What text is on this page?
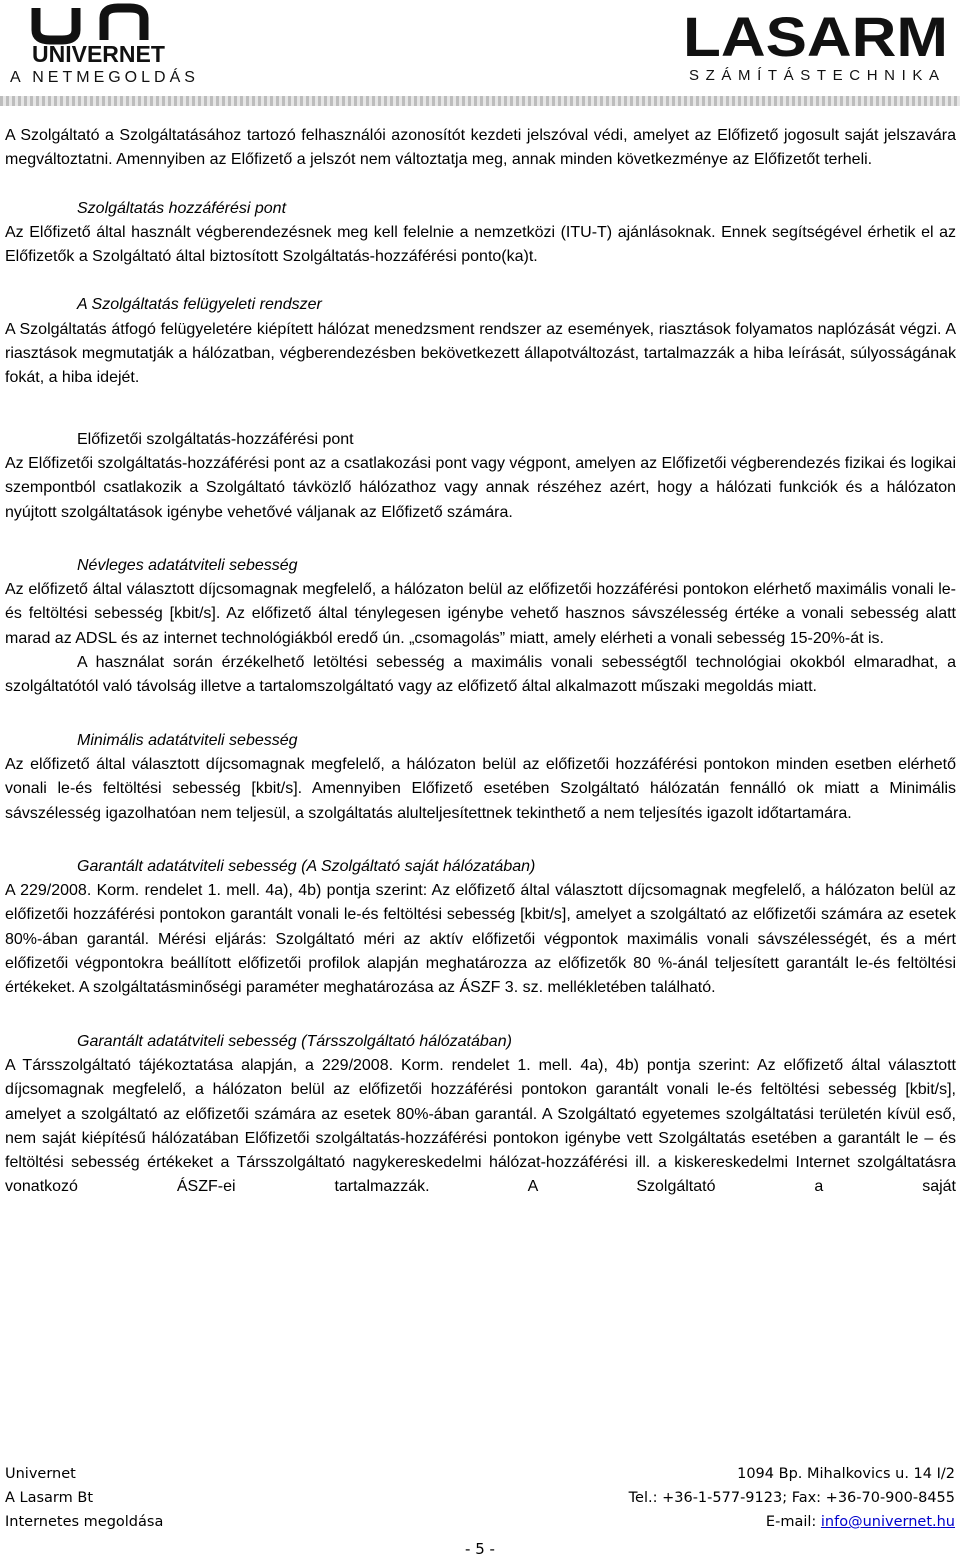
UNIVERNET
A NETMEGOLDÁS
LASARM
SZÁMÍTÁSTECHNIKA

A Szolgáltató a Szolgáltatásához tartozó felhasználói azonosítót kezdeti jelszóval védi, amelyet az Előfizető jogosult saját jelszavára megváltoztatni. Amennyiben az Előfizető a jelszót nem változtatja meg, annak minden következménye az Előfizetőt terheli.

Szolgáltatás hozzáférési pont

Az Előfizető által használt végberendezésnek meg kell felelnie a nemzetközi (ITU-T) ajánlásoknak. Ennek segítségével érhetik el az Előfizetők a Szolgáltató által biztosított Szolgáltatás-hozzáférési ponto(ka)t.

A Szolgáltatás felügyeleti rendszer

A Szolgáltatás átfogó felügyeletére kiépített hálózat menedzsment rendszer az események, riasztások folyamatos naplózását végzi. A riasztások megmutatják a hálózatban, végberendezésben bekövetkezett állapotváltozást, tartalmazzák a hiba leírását, súlyosságának fokát, a hiba idejét.

Előfizetői szolgáltatás-hozzáférési pont

Az Előfizetői szolgáltatás-hozzáférési pont az a csatlakozási pont vagy végpont, amelyen az Előfizetői végberendezés fizikai és logikai szempontból csatlakozik a Szolgáltató távközlő hálózathoz vagy annak részéhez azért, hogy a hálózati funkciók és a hálózaton nyújtott szolgáltatások igénybe vehetővé váljanak az Előfizető számára.

Névleges adatátviteli sebesség

Az előfizető által választott díjcsomagnak megfelelő, a hálózaton belül az előfizetői hozzáférési pontokon elérhető maximális vonali le-és feltöltési sebesség [kbit/s]. Az előfizető által ténylegesen igénybe vehető hasznos sávszélesség értéke a vonali sebesség alatt marad az ADSL és az internet technológiákból eredő ún. „csomagolás” miatt, amely elérheti a vonali sebesség 15-20%-át is.

A használat során érzékelhető letöltési sebesség a maximális vonali sebességtől technológiai okokból elmaradhat, a szolgáltatótól való távolság illetve a tartalomszolgáltató vagy az előfizető által alkalmazott műszaki megoldás miatt.

Minimális adatátviteli sebesség

Az előfizető által választott díjcsomagnak megfelelő, a hálózaton belül az előfizetői hozzáférési pontokon minden esetben elérhető vonali le-és feltöltési sebesség [kbit/s]. Amennyiben Előfizető esetében Szolgáltató hálózatán fennálló ok miatt a Minimális sávszélesség igazolhatóan nem teljesül, a szolgáltatás alulteljesítettnek tekinthető a nem teljesítés igazolt időtartamára.

Garantált adatátviteli sebesség (A Szolgáltató saját hálózatában)

A 229/2008. Korm. rendelet 1. mell. 4a), 4b) pontja szerint: Az előfizető által választott díjcsomagnak megfelelő, a hálózaton belül az előfizetői hozzáférési pontokon garantált vonali le-és feltöltési sebesség [kbit/s], amelyet a szolgáltató az előfizetői számára az esetek 80%-ában garantál. Mérési eljárás: Szolgáltató méri az aktív előfizetői végpontok maximális vonali sávszélességét, és a mért előfizetői végpontokra beállított előfizetői profilok alapján meghatározza az előfizetők 80 %-ánál teljesített garantált le-és feltöltési értékeket. A szolgáltatásminőségi paraméter meghatározása az ÁSZF 3. sz. mellékletében található.

Garantált adatátviteli sebesség (Társszolgáltató hálózatában)

A Társszolgáltató tájékoztatása alapján, a 229/2008. Korm. rendelet 1. mell. 4a), 4b) pontja szerint: Az előfizető által választott díjcsomagnak megfelelő, a hálózaton belül az előfizetői hozzáférési pontokon garantált vonali le-és feltöltési sebesség [kbit/s], amelyet a szolgáltató az előfizetői számára az esetek 80%-ában garantál. A Szolgáltató egyetemes szolgáltatási területén kívül eső, nem saját kiépítésű hálózatában Előfizetői szolgáltatás-hozzáférési pontokon igénybe vett Szolgáltatás esetében a garantált le – és feltöltési sebesség értékeket a Társszolgáltató nagykereskedelmi hálózat-hozzáférési ill. a kiskereskedelmi Internet szolgáltatásra vonatkozó ÁSZF-ei tartalmazzák. A Szolgáltató a saját

Univernet
A Lasarm Bt
Internetes megoldása
1094 Bp. Mihalkovics u. 14 I/2
Tel.: +36-1-577-9123; Fax: +36-70-900-8455
E-mail: info@univernet.hu
- 5 -
